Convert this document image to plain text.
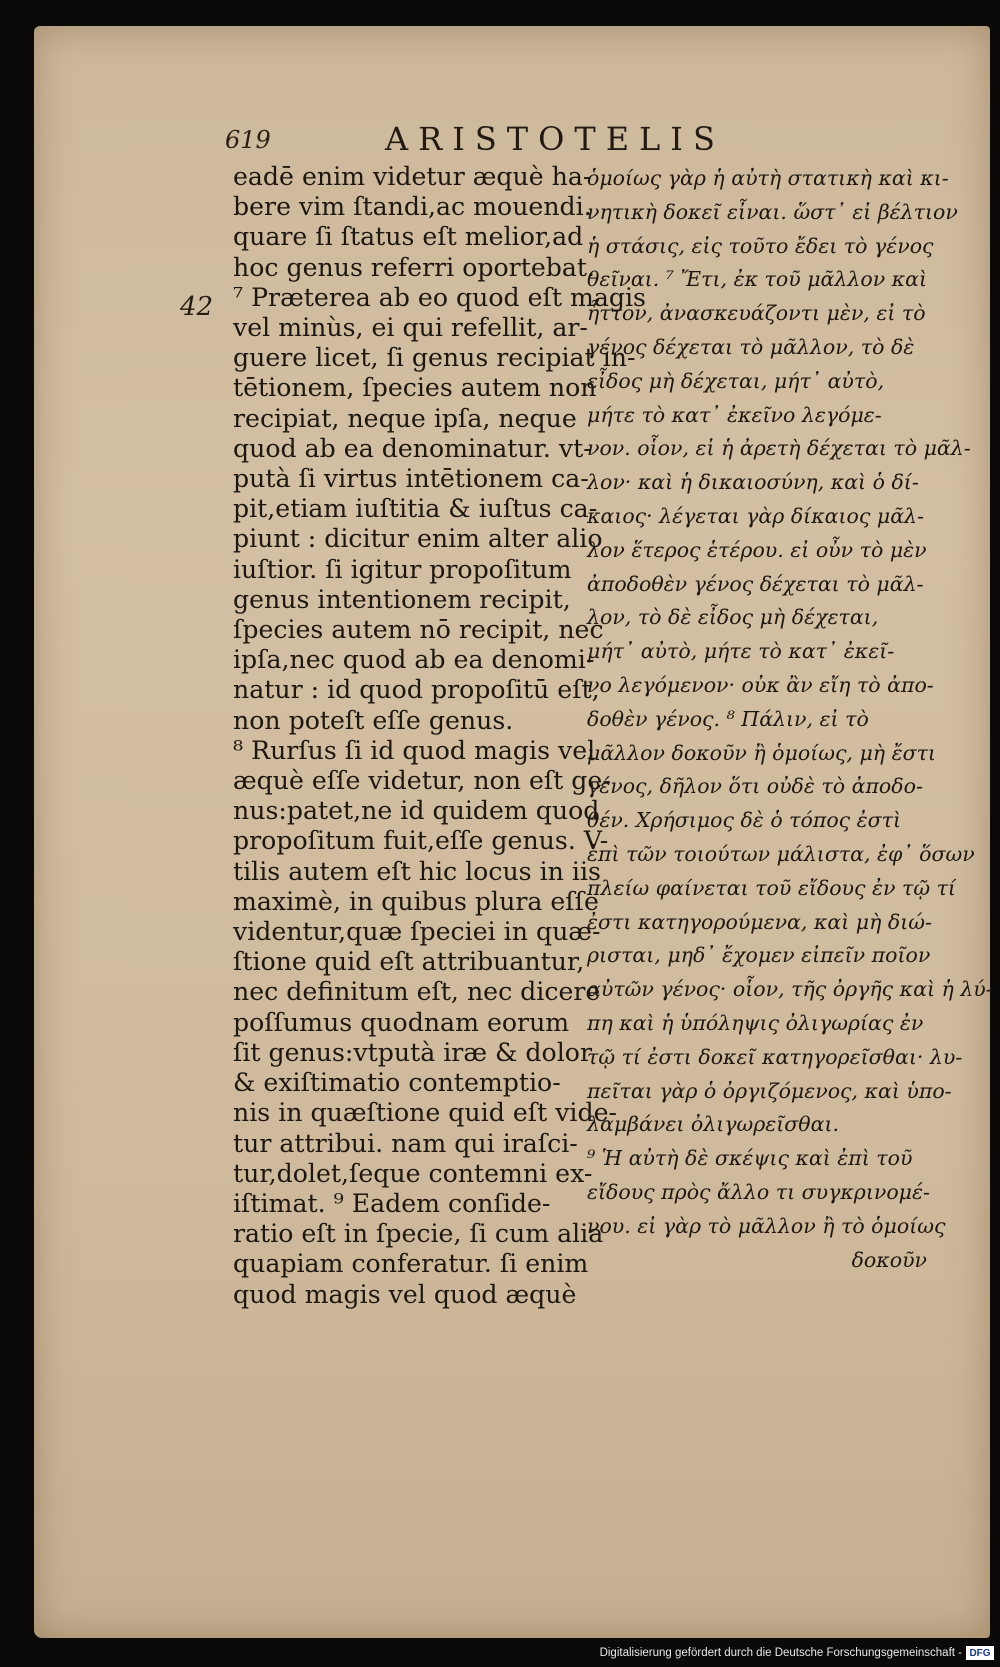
619	ARISTOTELIS
42
eadē enim videtur æquè ha-
bere vim ſtandi,ac mouendi.
quare ſi ſtatus eſt melior,ad
hoc genus referri oportebat.
⁷ Præterea ab eo quod eſt magis
vel minùs, ei qui refellit, ar-
guere licet, ſi genus recipiat in-
tētionem, ſpecies autem non
recipiat, neque ipſa, neque
quod ab ea denominatur. vt-
putà ſi virtus intētionem ca-
pit,etiam iuſtitia & iuſtus ca-
piunt : dicitur enim alter alio
iuſtior. ſi igitur propoſitum
genus intentionem recipit,
ſpecies autem nō recipit, nec
ipſa,nec quod ab ea denomi-
natur : id quod propoſitū eſt,
non poteſt eſſe genus.
⁸ Rurſus ſi id quod magis vel
æquè eſſe videtur, non eſt ge-
nus:patet,ne id quidem quod
propoſitum fuit,eſſe genus. V-
tilis autem eſt hic locus in iis
maximè, in quibus plura eſſe
videntur,quæ ſpeciei in quæ-
ſtione quid eſt attribuantur,
nec definitum eſt, nec dicere
poſſumus quodnam eorum
ſit genus:vtputà iræ & dolor
& exiſtimatio contemptio-
nis in quæſtione quid eſt vide-
tur attribui. nam qui iraſci-
tur,dolet,ſeque contemni ex-
iſtimat. ⁹ Eadem conſide-
ratio eſt in ſpecie, ſi cum alia
quapiam conferatur. ſi enim
quod magis vel quod æquè
ὁμοίως γὰρ ἡ αὐτὴ στατικὴ καὶ κι-
νητικὴ δοκεῖ εἶναι. ὥστ᾽ εἰ βέλτιον
ἡ στάσις, εἰς τοῦτο ἔδει τὸ γένος
θεῖναι. ⁷ Ἔτι, ἐκ τοῦ μᾶλλον καὶ
ἧττον, ἀνασκευάζοντι μὲν, εἰ τὸ
γένος δέχεται τὸ μᾶλλον, τὸ δὲ
εἶδος μὴ δέχεται, μήτ᾽ αὐτὸ,
μήτε τὸ κατ᾽ ἐκεῖνο λεγόμε-
νον. οἷον, εἰ ἡ ἀρετὴ δέχεται τὸ μᾶλ-
λον· καὶ ἡ δικαιοσύνη, καὶ ὁ δί-
καιος· λέγεται γὰρ δίκαιος μᾶλ-
λον ἕτερος ἑτέρου. εἰ οὖν τὸ μὲν
ἀποδοθὲν γένος δέχεται τὸ μᾶλ-
λον, τὸ δὲ εἶδος μὴ δέχεται,
μήτ᾽ αὐτὸ, μήτε τὸ κατ᾽ ἐκεῖ-
νο λεγόμενον· οὐκ ἂν εἴη τὸ ἀπο-
δοθὲν γένος. ⁸ Πάλιν, εἰ τὸ
μᾶλλον δοκοῦν ἢ ὁμοίως, μὴ ἔστι
γένος, δῆλον ὅτι οὐδὲ τὸ ἀποδο-
θέν. Χρήσιμος δὲ ὁ τόπος ἐστὶ
ἐπὶ τῶν τοιούτων μάλιστα, ἐφ᾽ ὅσων
πλείω φαίνεται τοῦ εἴδους ἐν τῷ τί
ἐστι κατηγορούμενα, καὶ μὴ διώ-
ρισται, μηδ᾽ ἔχομεν εἰπεῖν ποῖον
αὐτῶν γένος· οἷον, τῆς ὀργῆς καὶ ἡ λύ-
πη καὶ ἡ ὑπόληψις ὀλιγωρίας ἐν
τῷ τί ἐστι δοκεῖ κατηγορεῖσθαι· λυ-
πεῖται γὰρ ὁ ὀργιζόμενος, καὶ ὑπο-
λαμβάνει ὀλιγωρεῖσθαι.
⁹ Ἡ αὐτὴ δὲ σκέψις καὶ ἐπὶ τοῦ
εἴδους πρὸς ἄλλο τι συγκρινομέ-
νου. εἰ γὰρ τὸ μᾶλλον ἢ τὸ ὁμοίως
δοκοῦν
Digitalisierung gefördert durch die Deutsche Forschungsgemeinschaft - DFG
